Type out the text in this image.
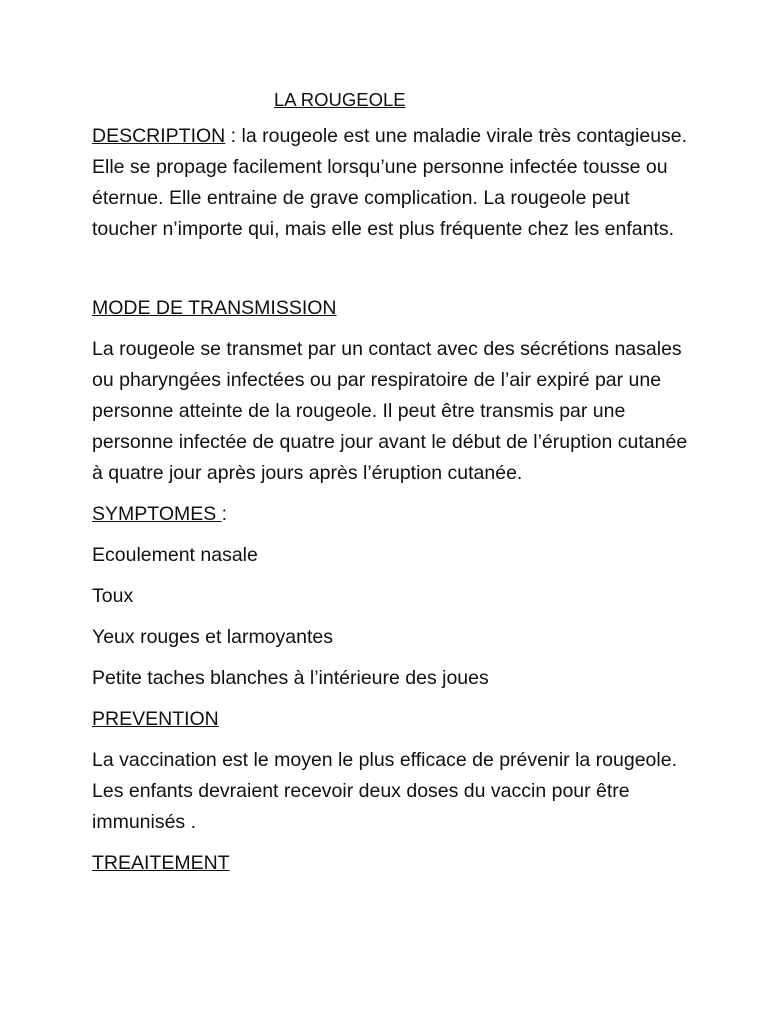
LA ROUGEOLE

DESCRIPTION : la rougeole est une maladie virale très contagieuse. Elle se propage facilement lorsqu’une personne infectée tousse ou éternue. Elle entraine de grave complication. La rougeole peut toucher n’importe qui, mais elle est plus fréquente chez les enfants.

MODE DE TRANSMISSION

La rougeole se transmet par un contact avec des sécrétions nasales ou pharyngées infectées ou par respiratoire de l’air expiré par une personne atteinte de la rougeole. Il peut être transmis par une personne infectée de quatre jour avant le début de l’éruption cutanée à quatre jour après jours après l’éruption cutanée.

SYMPTOMES :

Ecoulement nasale

Toux

Yeux rouges et larmoyantes

Petite taches blanches à l’intérieure des joues

PREVENTION

La vaccination est le moyen le plus efficace de prévenir la rougeole. Les enfants devraient recevoir deux doses du vaccin pour être immunisés .

TREAITEMENT
